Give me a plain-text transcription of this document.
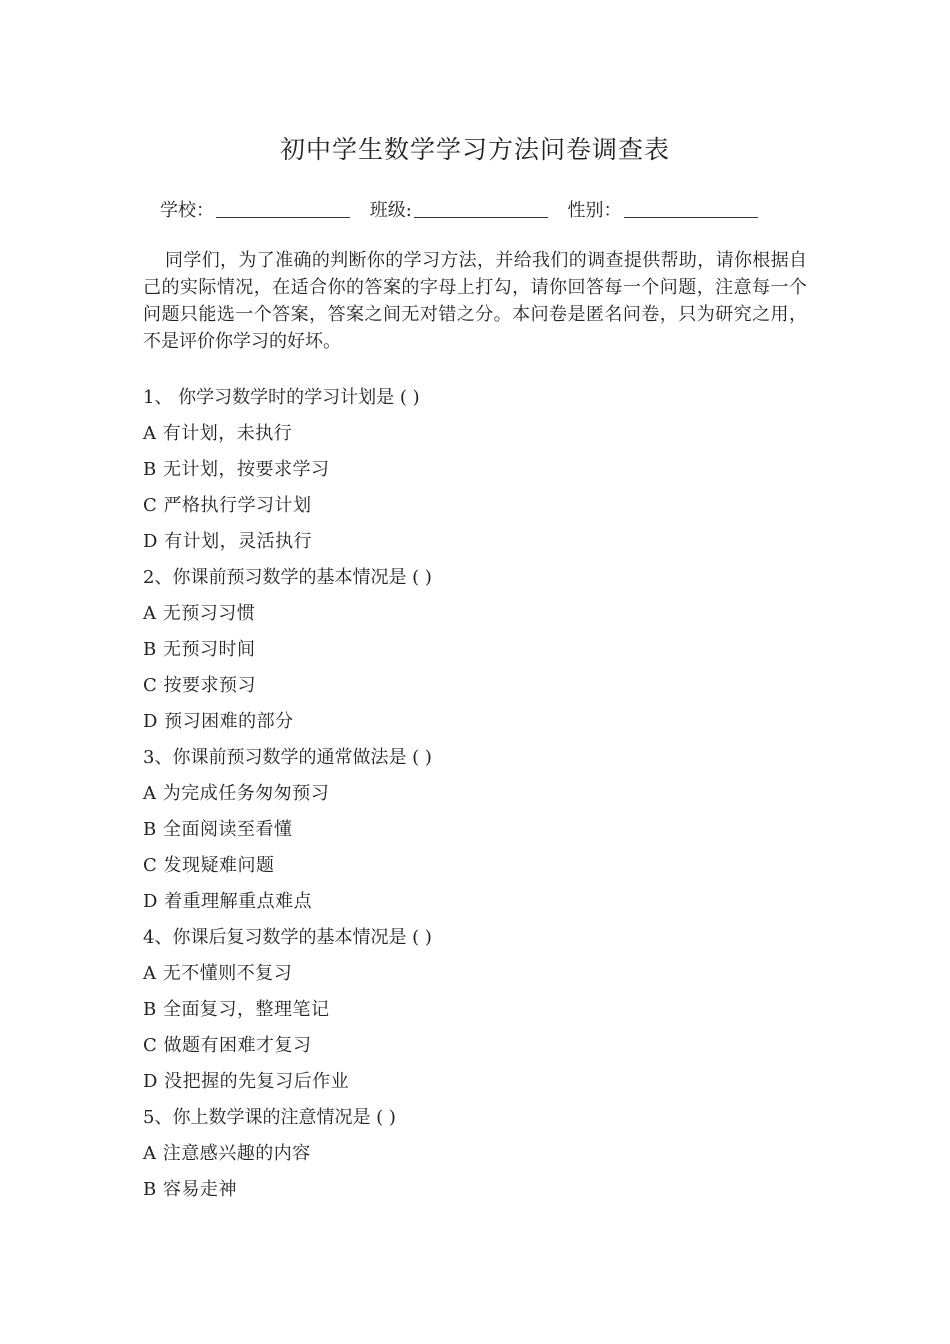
初中学生数学学习方法问卷调查表
学校：	班级:	性别：
同学们，为了准确的判断你的学习方法，并给我们的调查提供帮助，请你根据自己的实际情况，在适合你的答案的字母上打勾，请你回答每一个问题，注意每一个问题只能选一个答案，答案之间无对错之分。本问卷是匿名问卷，只为研究之用，不是评价你学习的好坏。
1、 你学习数学时的学习计划是 ( )
A 有计划，未执行
B 无计划，按要求学习
C 严格执行学习计划
D 有计划，灵活执行
2、你课前预习数学的基本情况是 ( )
A 无预习习惯
B 无预习时间
C 按要求预习
D 预习困难的部分
3、你课前预习数学的通常做法是 ( )
A 为完成任务匆匆预习
B 全面阅读至看懂
C 发现疑难问题
D 着重理解重点难点
4、你课后复习数学的基本情况是 ( )
A 无不懂则不复习
B 全面复习，整理笔记
C 做题有困难才复习
D 没把握的先复习后作业
5、你上数学课的注意情况是 ( )
A 注意感兴趣的内容
B 容易走神
